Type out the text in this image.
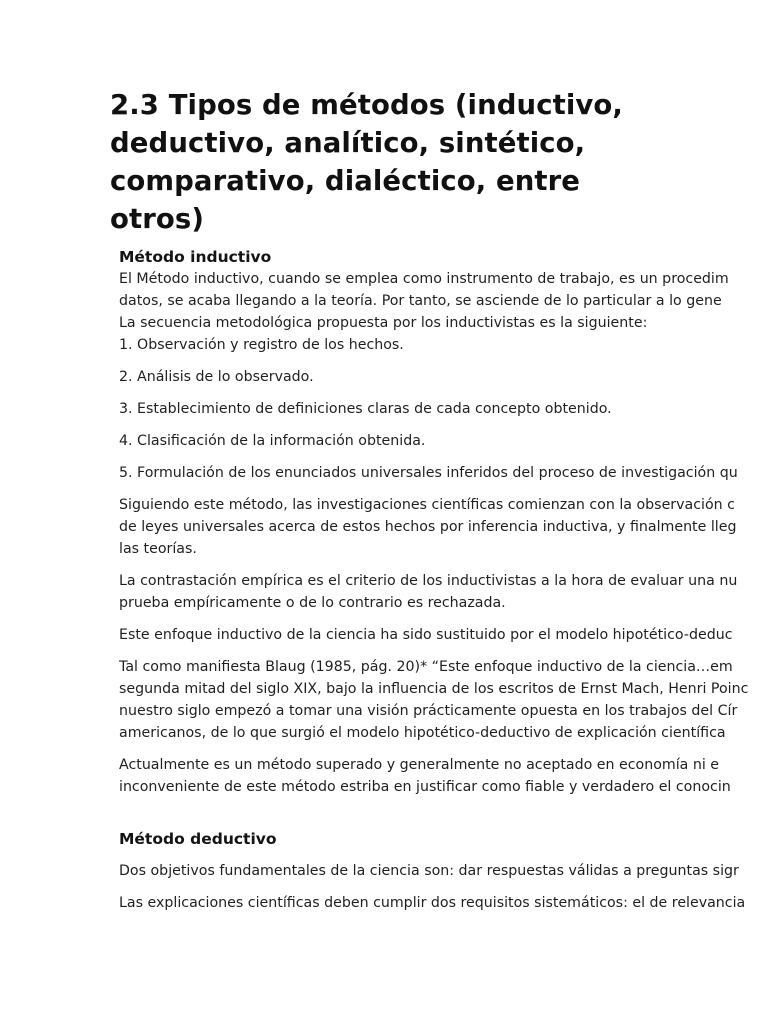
2.3 Tipos de métodos (inductivo,
deductivo, analítico, sintético,
comparativo, dialéctico, entre
otros)
Método inductivo
El Método inductivo, cuando se emplea como instrumento de trabajo, es un procedim
datos, se acaba llegando a la teoría. Por tanto, se asciende de lo particular a lo gene
La secuencia metodológica propuesta por los inductivistas es la siguiente:
1. Observación y registro de los hechos.
2. Análisis de lo observado.
3. Establecimiento de definiciones claras de cada concepto obtenido.
4. Clasificación de la información obtenida.
5. Formulación de los enunciados universales inferidos del proceso de investigación qu
Siguiendo este método, las investigaciones científicas comienzan con la observación c
de leyes universales acerca de estos hechos por inferencia inductiva, y finalmente lleg
las teorías.
La contrastación empírica es el criterio de los inductivistas a la hora de evaluar una nu
prueba empíricamente o de lo contrario es rechazada.
Este enfoque inductivo de la ciencia ha sido sustituido por el modelo hipotético-deduc
Tal como manifiesta Blaug (1985, pág. 20)* “Este enfoque inductivo de la ciencia…em
segunda mitad del siglo XIX, bajo la influencia de los escritos de Ernst Mach, Henri Poinc
nuestro siglo empezó a tomar una visión prácticamente opuesta en los trabajos del Cír
americanos, de lo que surgió el modelo hipotético-deductivo de explicación científica
Actualmente es un método superado y generalmente no aceptado en economía ni e
inconveniente de este método estriba en justificar como fiable y verdadero el conocin
Método deductivo
Dos objetivos fundamentales de la ciencia son: dar respuestas válidas a preguntas sigr
Las explicaciones científicas deben cumplir dos requisitos sistemáticos: el de relevancia
